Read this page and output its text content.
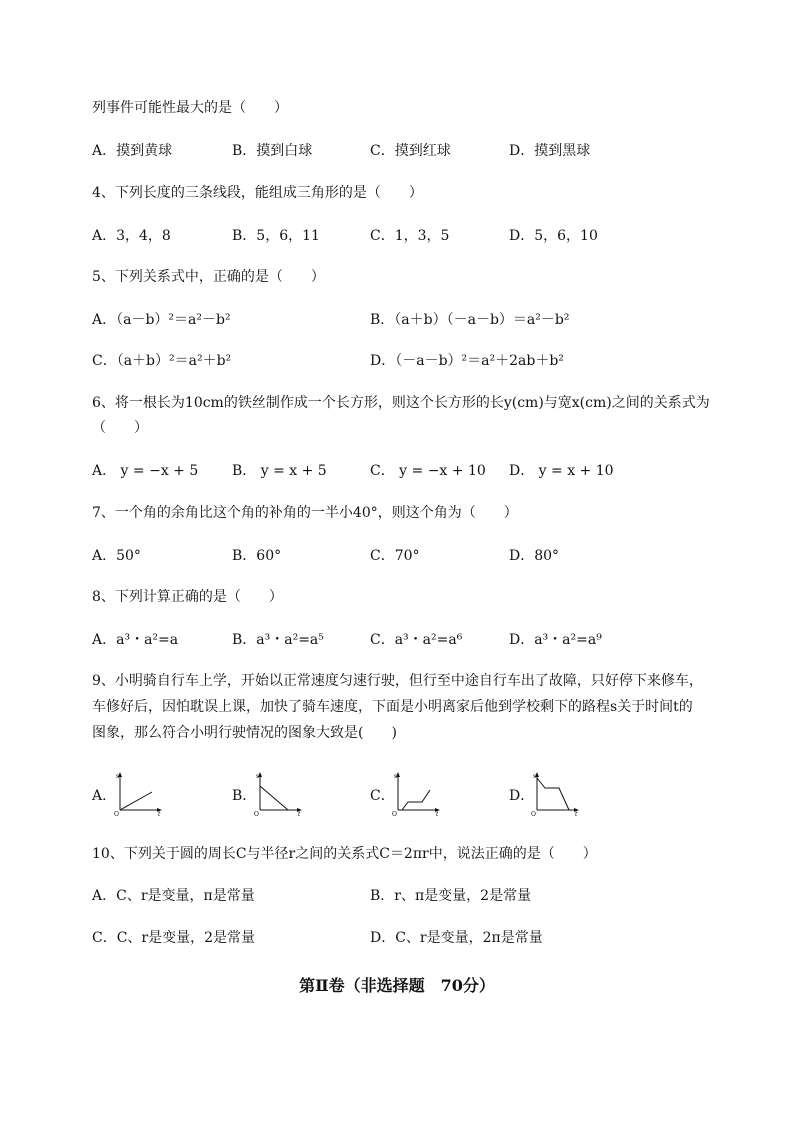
列事件可能性最大的是（　　）
A．摸到黄球	B．摸到白球	C．摸到红球	D．摸到黑球
4、下列长度的三条线段，能组成三角形的是（　　）
A．3，4，8	B．5，6，11	C．1，3，5	D．5，6，10
5、下列关系式中，正确的是（　　）
A．（a－b）²＝a²－b²	B．（a＋b）（－a－b）＝a²－b²
C．（a＋b）²＝a²＋b²	D．（－a－b）²＝a²＋2ab＋b²
6、将一根长为10cm的铁丝制作成一个长方形，则这个长方形的长y(cm)与宽x(cm)之间的关系式为
（　　）
A． y = −x + 5 B． y = x + 5	C． y = −x + 10 D． y = x + 10
7、一个角的余角比这个角的补角的一半小40°，则这个角为（　　）
A．50°	B．60°	C．70°	D．80°
8、下列计算正确的是（　　）
A．a³・a²=a	B．a³・a²=a⁵	C．a³・a²=a⁶	D．a³・a²=a⁹
9、小明骑自行车上学，开始以正常速度匀速行驶，但行至中途自行车出了故障，只好停下来修车，
车修好后，因怕耽误上课，加快了骑车速度，下面是小明离家后他到学校剩下的路程s关于时间t的
图象，那么符合小明行驶情况的图象大致是(　　)
A．
s
t
O
B．
s
t
O
C．
s
t
O
D．
s
t
O
10、下列关于圆的周长C与半径r之间的关系式C＝2πr中，说法正确的是（　　）
A．C、r是变量，π是常量	B．r、π是变量，2是常量
C．C、r是变量，2是常量	D．C、r是变量，2π是常量
第Ⅱ卷（非选择题　70分）
